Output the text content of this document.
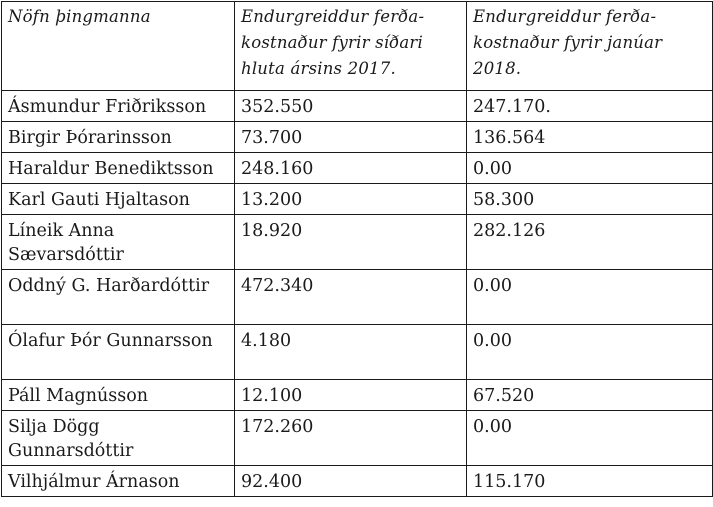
Nöfn þingmanna	Endurgreiddur ferða-kostnaður fyrir síðari hluta ársins 2017.	Endurgreiddur ferða-kostnaður fyrir janúar 2018.
Ásmundur Friðriksson	352.550	247.170.
Birgir Þórarinsson	73.700	136.564
Haraldur Benediktsson	248.160	0.00
Karl Gauti Hjaltason	13.200	58.300
Líneik Anna Sævarsdóttir	18.920	282.126
Oddný G. Harðardóttir	472.340	0.00
Ólafur Þór Gunnarsson	4.180	0.00
Páll Magnússon	12.100	67.520
Silja Dögg Gunnarsdóttir	172.260	0.00
Vilhjálmur Árnason	92.400	115.170
